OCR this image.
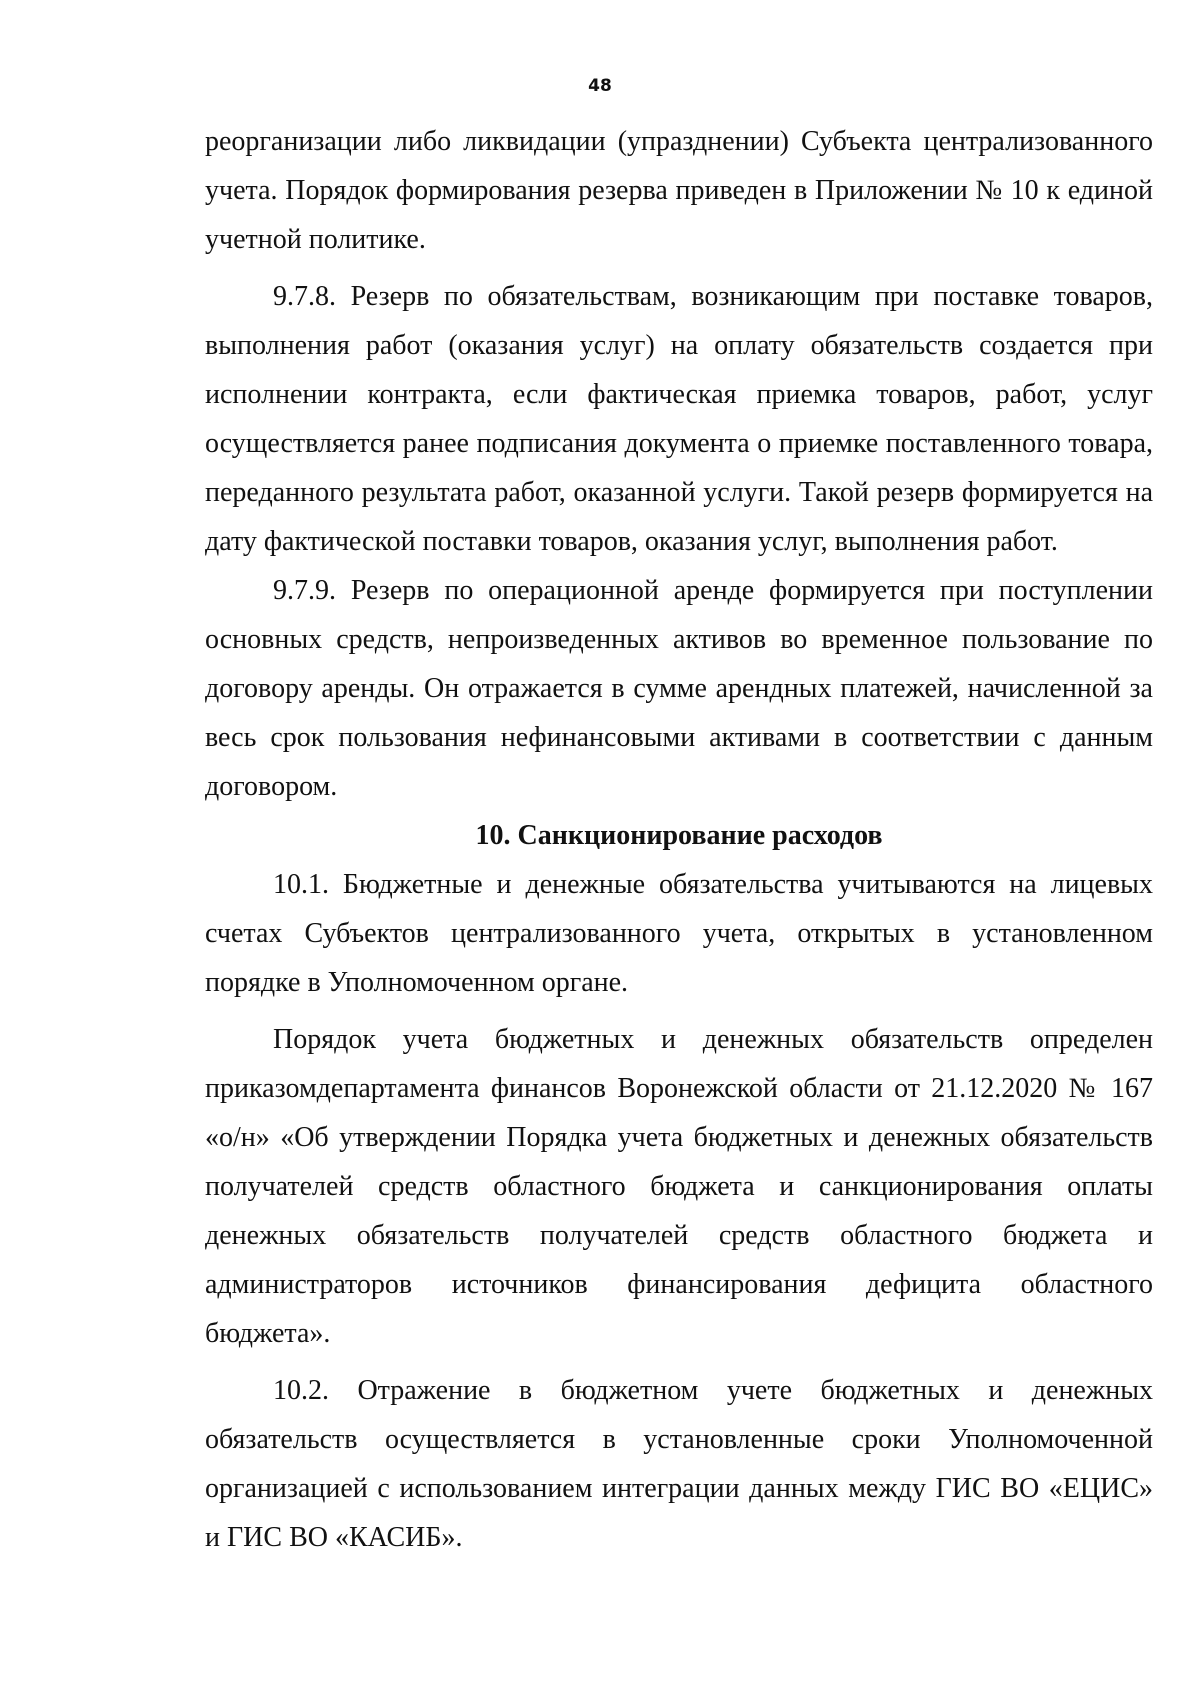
48

реорганизации либо ликвидации (упразднении) Субъекта централизованного учета. Порядок формирования резерва приведен в Приложении № 10 к единой учетной политике.

9.7.8. Резерв по обязательствам, возникающим при поставке товаров, выполнения работ (оказания услуг) на оплату обязательств создается при исполнении контракта, если фактическая приемка товаров, работ, услуг осуществляется ранее подписания документа о приемке поставленного товара, переданного результата работ, оказанной услуги. Такой резерв формируется на дату фактической поставки товаров, оказания услуг, выполнения работ.

9.7.9. Резерв по операционной аренде формируется при поступлении основных средств, непроизведенных активов во временное пользование по договору аренды. Он отражается в сумме арендных платежей, начисленной за весь срок пользования нефинансовыми активами в соответствии с данным договором.

10. Санкционирование расходов

10.1. Бюджетные и денежные обязательства учитываются на лицевых счетах Субъектов централизованного учета, открытых в установленном порядке в Уполномоченном органе.

Порядок учета бюджетных и денежных обязательств определен приказомдепартамента финансов Воронежской области от 21.12.2020 № 167 «о/н» «Об утверждении Порядка учета бюджетных и денежных обязательств получателей средств областного бюджета и санкционирования оплаты денежных обязательств получателей средств областного бюджета и администраторов источников финансирования дефицита областного бюджета».

10.2. Отражение в бюджетном учете бюджетных и денежных обязательств осуществляется в установленные сроки Уполномоченной организацией с использованием интеграции данных между ГИС ВО «ЕЦИС» и ГИС ВО «КАСИБ».
